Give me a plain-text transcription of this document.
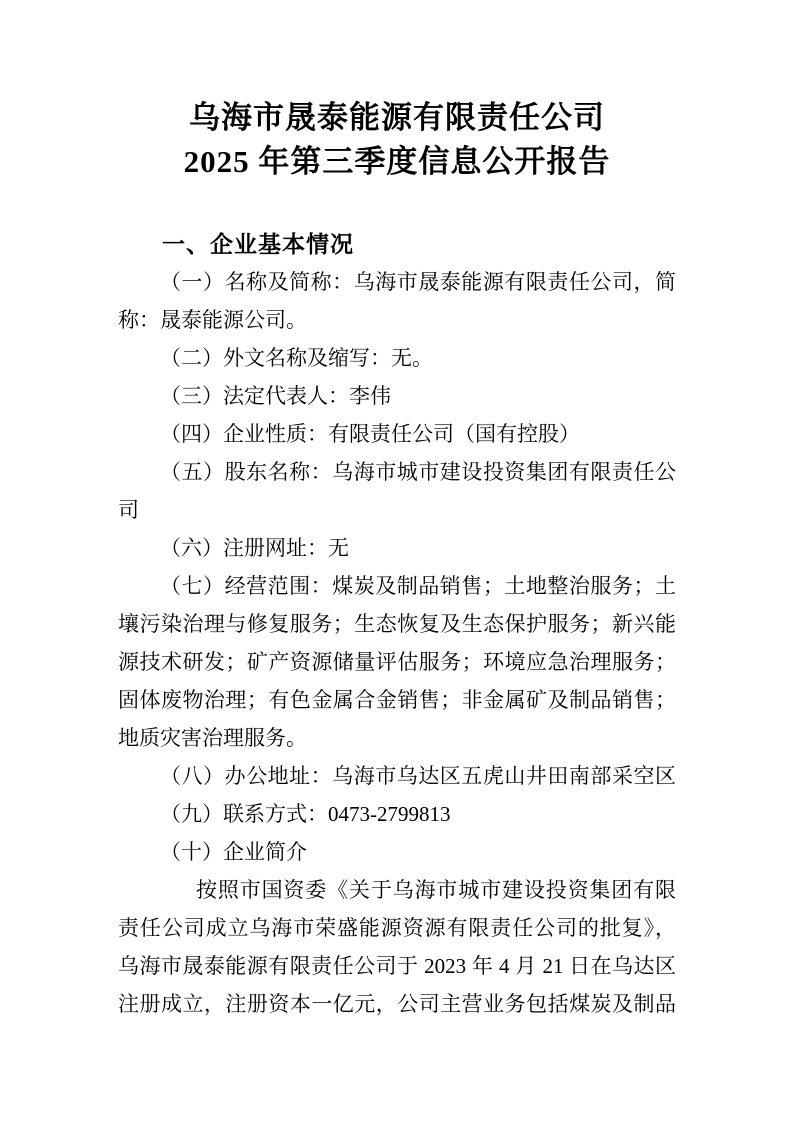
乌海市晟泰能源有限责任公司
2025 年第三季度信息公开报告
一、企业基本情况
（一）名称及简称：乌海市晟泰能源有限责任公司，简
称：晟泰能源公司。
（二）外文名称及缩写：无。
（三）法定代表人：李伟
（四）企业性质：有限责任公司（国有控股）
（五）股东名称：乌海市城市建设投资集团有限责任公
司
（六）注册网址：无
（七）经营范围：煤炭及制品销售；土地整治服务；土
壤污染治理与修复服务；生态恢复及生态保护服务；新兴能
源技术研发；矿产资源储量评估服务；环境应急治理服务；
固体废物治理；有色金属合金销售；非金属矿及制品销售；
地质灾害治理服务。
（八）办公地址：乌海市乌达区五虎山井田南部采空区
（九）联系方式：0473-2799813
（十）企业简介
按照市国资委《关于乌海市城市建设投资集团有限
责任公司成立乌海市荣盛能源资源有限责任公司的批复》，
乌海市晟泰能源有限责任公司于 2023 年 4 月 21 日在乌达区
注册成立，注册资本一亿元，公司主营业务包括煤炭及制品
